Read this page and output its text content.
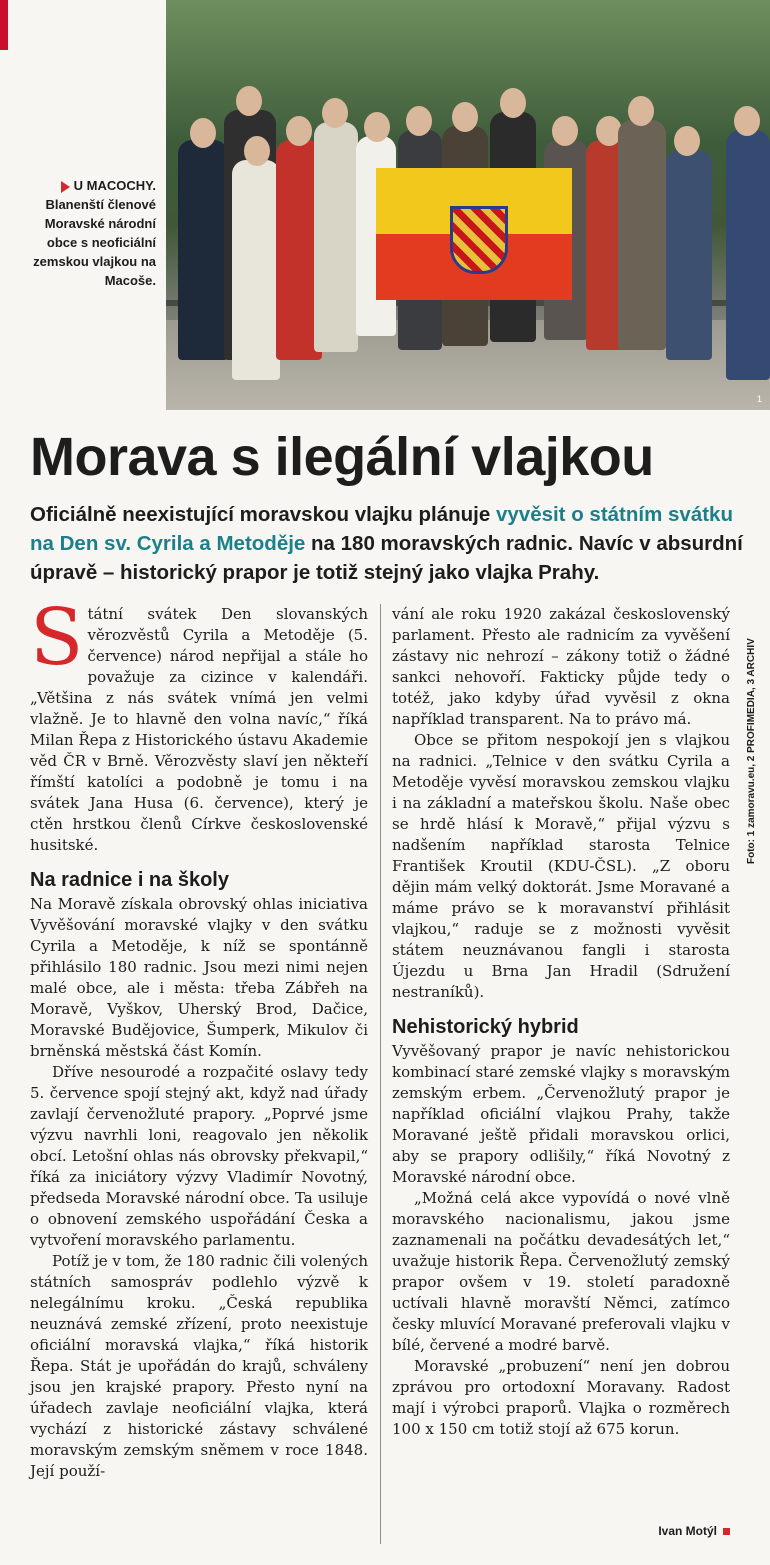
1
U MACOCHY. Blanenští členové Moravské národní obce s neoficiální zemskou vlajkou na Macoše.
Morava s ilegální vlajkou
Oficiálně neexistující moravskou vlajku plánuje vyvěsit o státním svátku na Den sv. Cyrila a Metoděje na 180 moravských radnic. Navíc v absurdní úpravě – historický prapor je totiž stejný jako vlajka Prahy.

Státní svátek Den slovanských věrozvěstů Cyrila a Metoděje (5. července) národ nepřijal a stále ho považuje za cizince v kalendáři. „Většina z nás svátek vnímá jen velmi vlažně. Je to hlavně den volna navíc,“ říká Milan Řepa z Historického ústavu Akademie věd ČR v Brně. Věrozvěsty slaví jen někteří římští katolíci a podobně je tomu i na svátek Jana Husa (6. července), který je ctěn hrstkou členů Církve československé husitské.

Na radnice i na školy

Na Moravě získala obrovský ohlas iniciativa Vyvěšování moravské vlajky v den svátku Cyrila a Metoděje, k níž se spontánně přihlásilo 180 radnic. Jsou mezi nimi nejen malé obce, ale i města: třeba Zábřeh na Moravě, Vyškov, Uherský Brod, Dačice, Moravské Budějovice, Šumperk, Mikulov či brněnská městská část Komín.

Dříve nesourodé a rozpačité oslavy tedy 5. července spojí stejný akt, když nad úřady zavlají červenožluté prapory. „Poprvé jsme výzvu navrhli loni, reagovalo jen několik obcí. Letošní ohlas nás obrovsky překvapil,“ říká za iniciátory výzvy Vladimír Novotný, předseda Moravské národní obce. Ta usiluje o obnovení zemského uspořádání Česka a vytvoření moravského parlamentu.

Potíž je v tom, že 180 radnic čili volených státních samospráv podlehlo výzvě k nelegálnímu kroku. „Česká republika neuznává zemské zřízení, proto neexistuje oficiální moravská vlajka,“ říká historik Řepa. Stát je upořádán do krajů, schváleny jsou jen krajské prapory. Přesto nyní na úřadech zavlaje neoficiální vlajka, která vychází z historické zástavy schválené moravským zemským sněmem v roce 1848. Její použí-

vání ale roku 1920 zakázal československý parlament. Přesto ale radnicím za vyvěšení zástavy nic nehrozí – zákony totiž o žádné sankci nehovoří. Fakticky půjde tedy o totéž, jako kdyby úřad vyvěsil z okna například transparent. Na to právo má.

Obce se přitom nespokojí jen s vlajkou na radnici. „Telnice v den svátku Cyrila a Metoděje vyvěsí moravskou zemskou vlajku i na základní a mateřskou školu. Naše obec se hrdě hlásí k Moravě,“ přijal výzvu s nadšením například starosta Telnice František Kroutil (KDU-ČSL). „Z oboru dějin mám velký doktorát. Jsme Moravané a máme právo se k moravanství přihlásit vlajkou,“ raduje se z možnosti vyvěsit státem neuznávanou fangli i starosta Újezdu u Brna Jan Hradil (Sdružení nestraníků).

Nehistorický hybrid

Vyvěšovaný prapor je navíc nehistorickou kombinací staré zemské vlajky s moravským zemským erbem. „Červenožlutý prapor je například oficiální vlajkou Prahy, takže Moravané ještě přidali moravskou orlici, aby se prapory odlišily,“ říká Novotný z Moravské národní obce.

„Možná celá akce vypovídá o nové vlně moravského nacionalismu, jakou jsme zaznamenali na počátku devadesátých let,“ uvažuje historik Řepa. Červenožlutý zemský prapor ovšem v 19. století paradoxně uctívali hlavně moravští Němci, zatímco česky mluvící Moravané preferovali vlajku v bílé, červené a modré barvě.

Moravské „probuzení“ není jen dobrou zprávou pro ortodoxní Moravany. Radost mají i výrobci praporů. Vlajka o rozměrech 100 x 150 cm totiž stojí až 675 korun.

Foto: 1 zamoravu.eu, 2 PROFIMEDIA, 3 ARCHIV
Ivan Motýl
